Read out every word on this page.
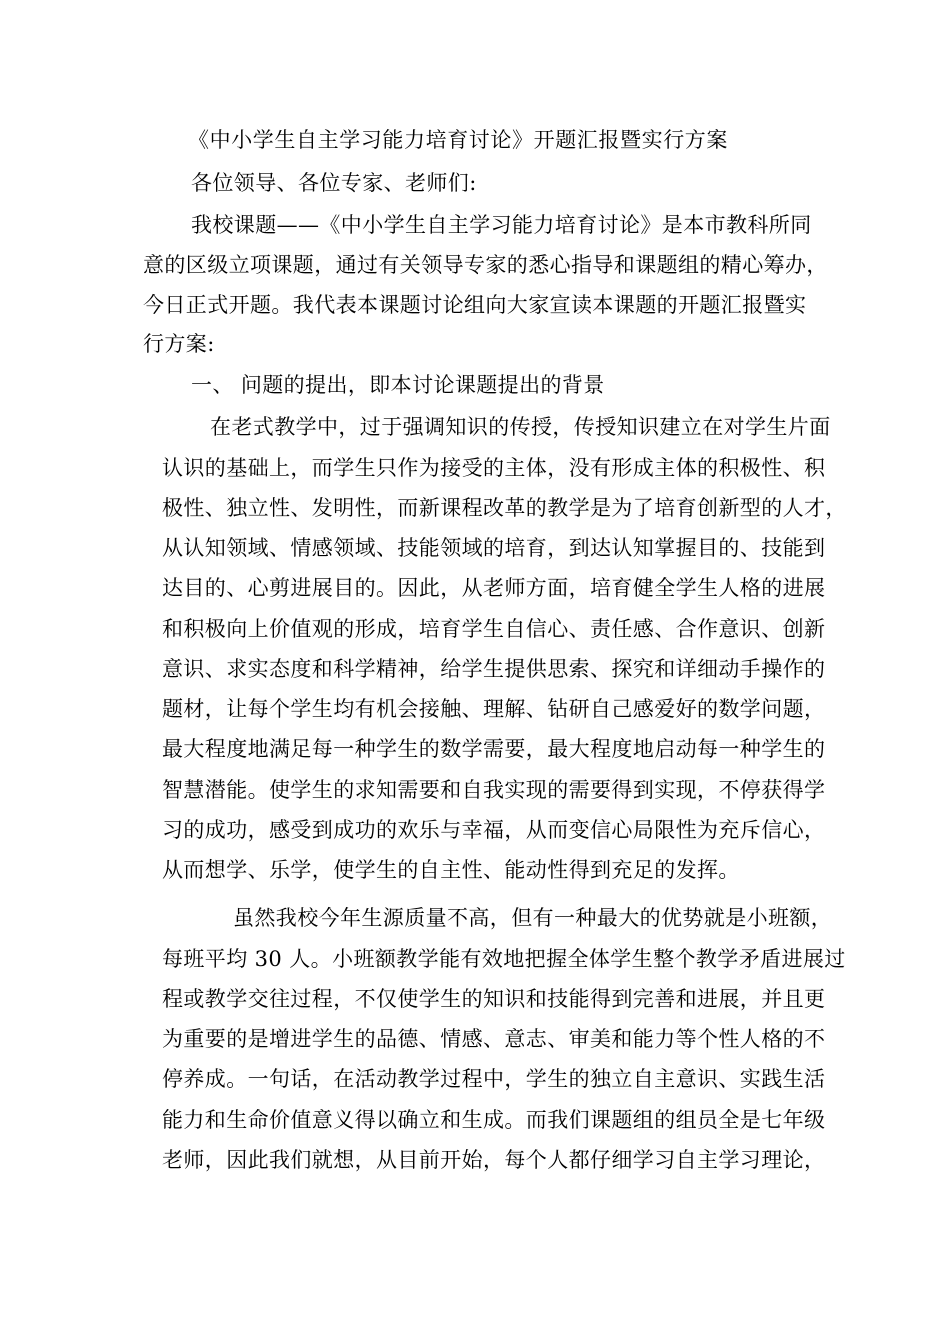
《中小学生自主学习能力培育讨论》开题汇报暨实行方案
各位领导、各位专家、老师们:
我校课题——《中小学生自主学习能力培育讨论》是本市教科所同
意的区级立项课题，通过有关领导专家的悉心指导和课题组的精心筹办，
今日正式开题。我代表本课题讨论组向大家宣读本课题的开题汇报暨实
行方案:
一、 问题的提出，即本讨论课题提出的背景
在老式教学中，过于强调知识的传授，传授知识建立在对学生片面
认识的基础上，而学生只作为接受的主体，没有形成主体的积极性、积
极性、独立性、发明性，而新课程改革的教学是为了培育创新型的人才，
从认知领域、情感领域、技能领域的培育，到达认知掌握目的、技能到
达目的、心剪进展目的。因此，从老师方面，培育健全学生人格的进展
和积极向上价值观的形成，培育学生自信心、责任感、合作意识、创新
意识、求实态度和科学精神，给学生提供思索、探究和详细动手操作的
题材，让每个学生均有机会接触、理解、钻研自己感爱好的数学问题，
最大程度地满足每一种学生的数学需要，最大程度地启动每一种学生的
智慧潜能。使学生的求知需要和自我实现的需要得到实现，不停获得学
习的成功，感受到成功的欢乐与幸福，从而变信心局限性为充斥信心，
从而想学、乐学，使学生的自主性、能动性得到充足的发挥。
虽然我校今年生源质量不高，但有一种最大的优势就是小班额，
每班平均 30 人。小班额教学能有效地把握全体学生整个教学矛盾进展过
程或教学交往过程，不仅使学生的知识和技能得到完善和进展，并且更
为重要的是增进学生的品德、情感、意志、审美和能力等个性人格的不
停养成。一句话，在活动教学过程中，学生的独立自主意识、实践生活
能力和生命价值意义得以确立和生成。而我们课题组的组员全是七年级
老师，因此我们就想，从目前开始，每个人都仔细学习自主学习理论，
